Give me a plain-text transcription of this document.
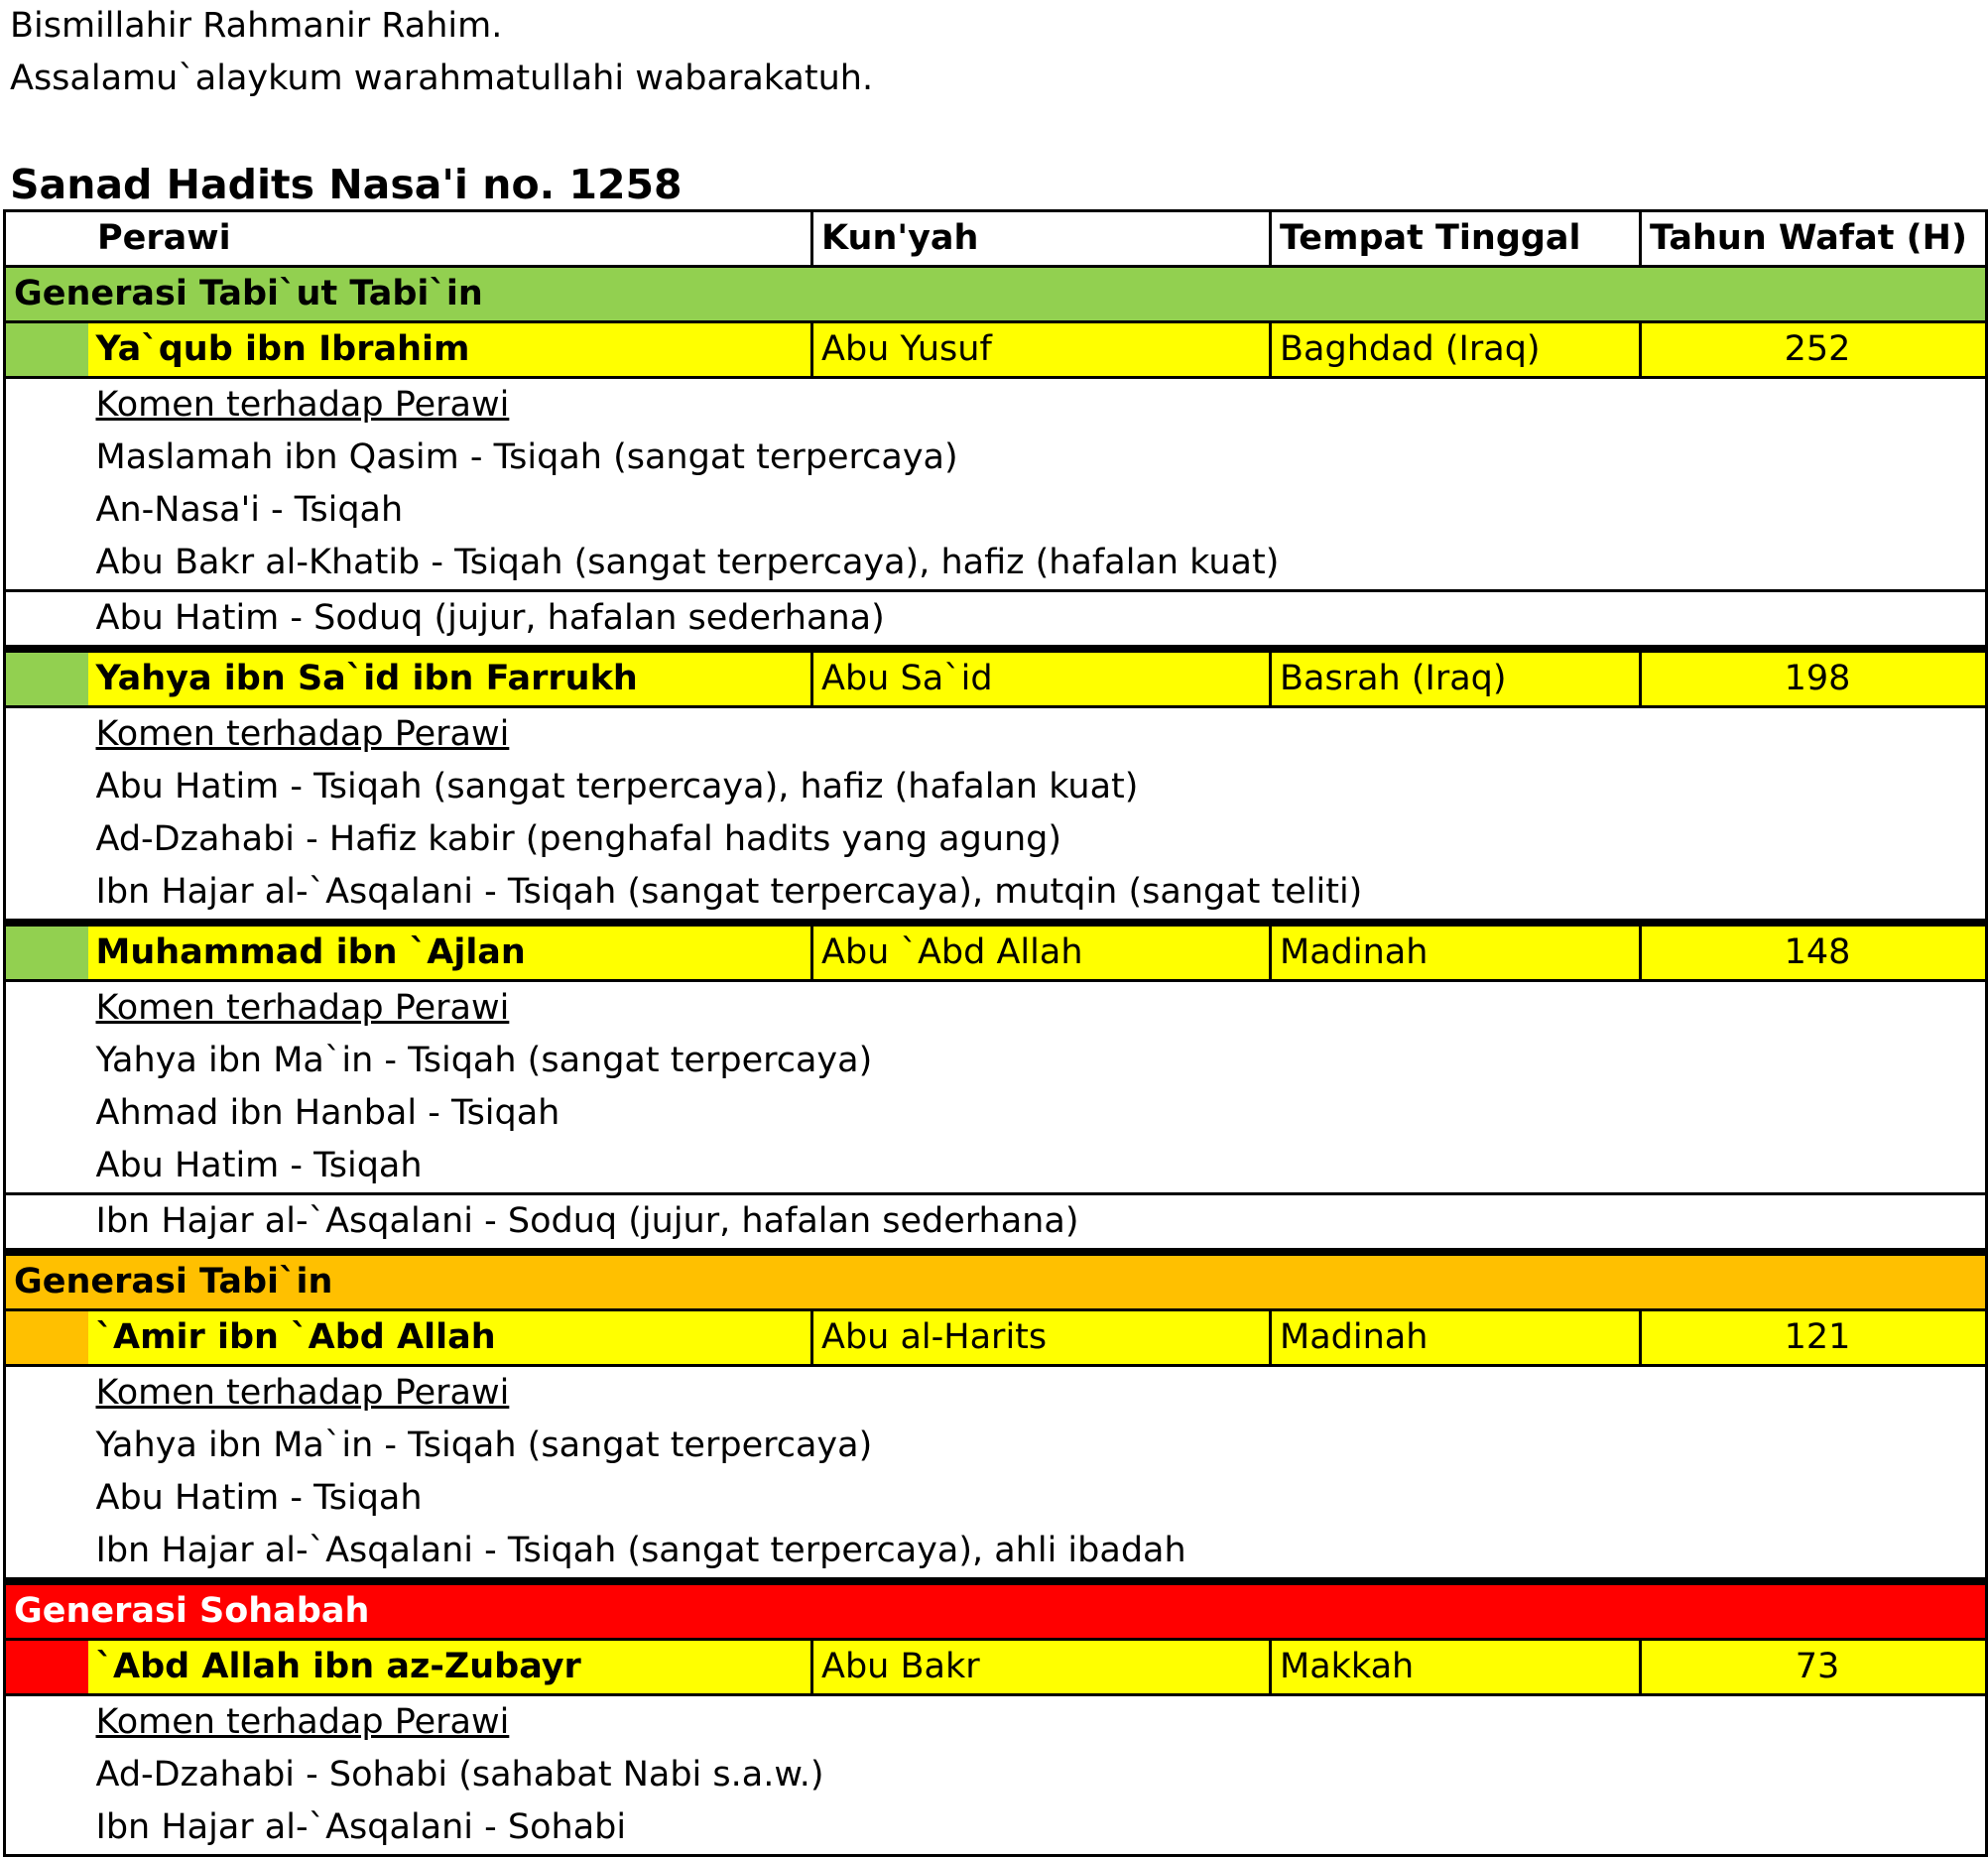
Bismillahir Rahmanir Rahim.
Assalamu`alaykum warahmatullahi wabarakatuh.
Sanad Hadits Nasa'i no. 1258
Perawi		Kun'yah	Tempat Tinggal	Tahun Wafat (H)
Generasi Tabi`ut Tabi`in				
	Ya`qub ibn Ibrahim	Abu Yusuf	Baghdad (Iraq)	252
	Komen terhadap Perawi			
	Maslamah ibn Qasim - Tsiqah (sangat terpercaya)			
	An-Nasa'i - Tsiqah			
	Abu Bakr al-Khatib - Tsiqah (sangat terpercaya), hafiz (hafalan kuat)			
	Abu Hatim - Soduq (jujur, hafalan sederhana)			
	Yahya ibn Sa`id ibn Farrukh	Abu Sa`id	Basrah (Iraq)	198
	Komen terhadap Perawi			
	Abu Hatim - Tsiqah (sangat terpercaya), hafiz (hafalan kuat)			
	Ad-Dzahabi - Hafiz kabir (penghafal hadits yang agung)			
	Ibn Hajar al-`Asqalani - Tsiqah (sangat terpercaya), mutqin (sangat teliti)			
	Muhammad ibn `Ajlan	Abu `Abd Allah	Madinah	148
	Komen terhadap Perawi			
	Yahya ibn Ma`in - Tsiqah (sangat terpercaya)			
	Ahmad ibn Hanbal - Tsiqah			
	Abu Hatim - Tsiqah			
	Ibn Hajar al-`Asqalani - Soduq (jujur, hafalan sederhana)			
Generasi Tabi`in				
	`Amir ibn `Abd Allah	Abu al-Harits	Madinah	121
	Komen terhadap Perawi			
	Yahya ibn Ma`in - Tsiqah (sangat terpercaya)			
	Abu Hatim - Tsiqah			
	Ibn Hajar al-`Asqalani - Tsiqah (sangat terpercaya), ahli ibadah			
Generasi Sohabah				
	`Abd Allah ibn az-Zubayr	Abu Bakr	Makkah	73
	Komen terhadap Perawi			
	Ad-Dzahabi - Sohabi (sahabat Nabi s.a.w.)			
	Ibn Hajar al-`Asqalani - Sohabi			
